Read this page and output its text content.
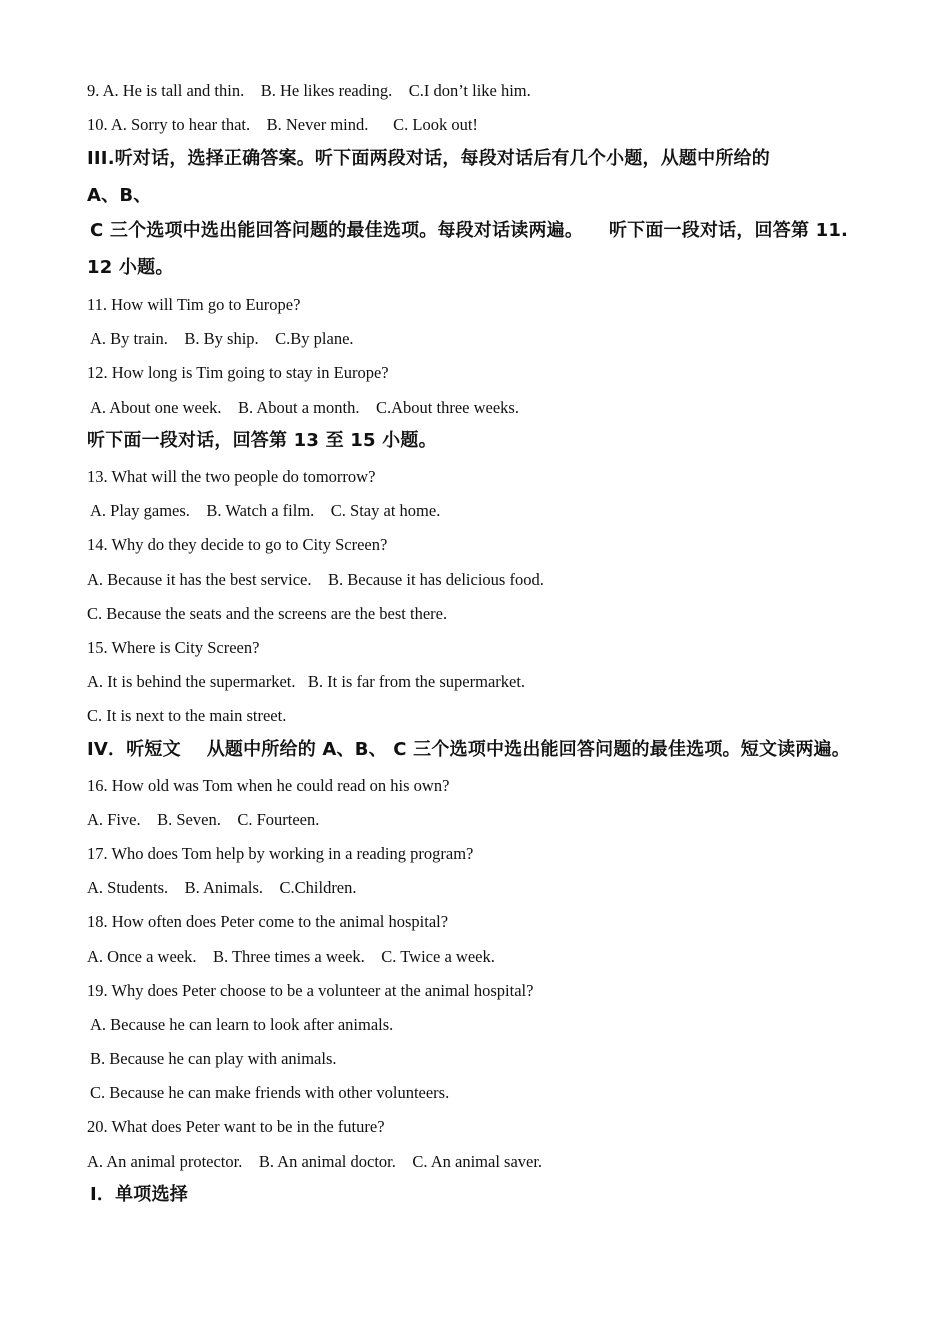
9. A. He is tall and thin.    B. He likes reading.    C.I don’t like him.

10. A. Sorry to hear that.    B. Never mind.      C. Look out!

III.听对话，选择正确答案。听下面两段对话，每段对话后有几个小题，从题中所给的

A、B、

C 三个选项中选出能回答问题的最佳选项。每段对话读两遍。    听下面一段对话，回答第 11.

12 小题。

11. How will Tim go to Europe?

A. By train.    B. By ship.    C.By plane.

12. How long is Tim going to stay in Europe?

A. About one week.    B. About a month.    C.About three weeks.

听下面一段对话，回答第 13 至 15 小题。

13. What will the two people do tomorrow?

A. Play games.    B. Watch a film.    C. Stay at home.

14. Why do they decide to go to City Screen?

A. Because it has the best service.    B. Because it has delicious food.

C. Because the seats and the screens are the best there.

15. Where is City Screen?

A. It is behind the supermarket.   B. It is far from the supermarket.

C. It is next to the main street.

IV．听短文    从题中所给的 A、B、 C 三个选项中选出能回答问题的最佳选项。短文读两遍。

16. How old was Tom when he could read on his own?

A. Five.    B. Seven.    C. Fourteen.

17. Who does Tom help by working in a reading program?

A. Students.    B. Animals.    C.Children.

18. How often does Peter come to the animal hospital?

A. Once a week.    B. Three times a week.    C. Twice a week.

19. Why does Peter choose to be a volunteer at the animal hospital?

A. Because he can learn to look after animals.

B. Because he can play with animals.

C. Because he can make friends with other volunteers.

20. What does Peter want to be in the future?

A. An animal protector.    B. An animal doctor.    C. An animal saver.

I．单项选择
